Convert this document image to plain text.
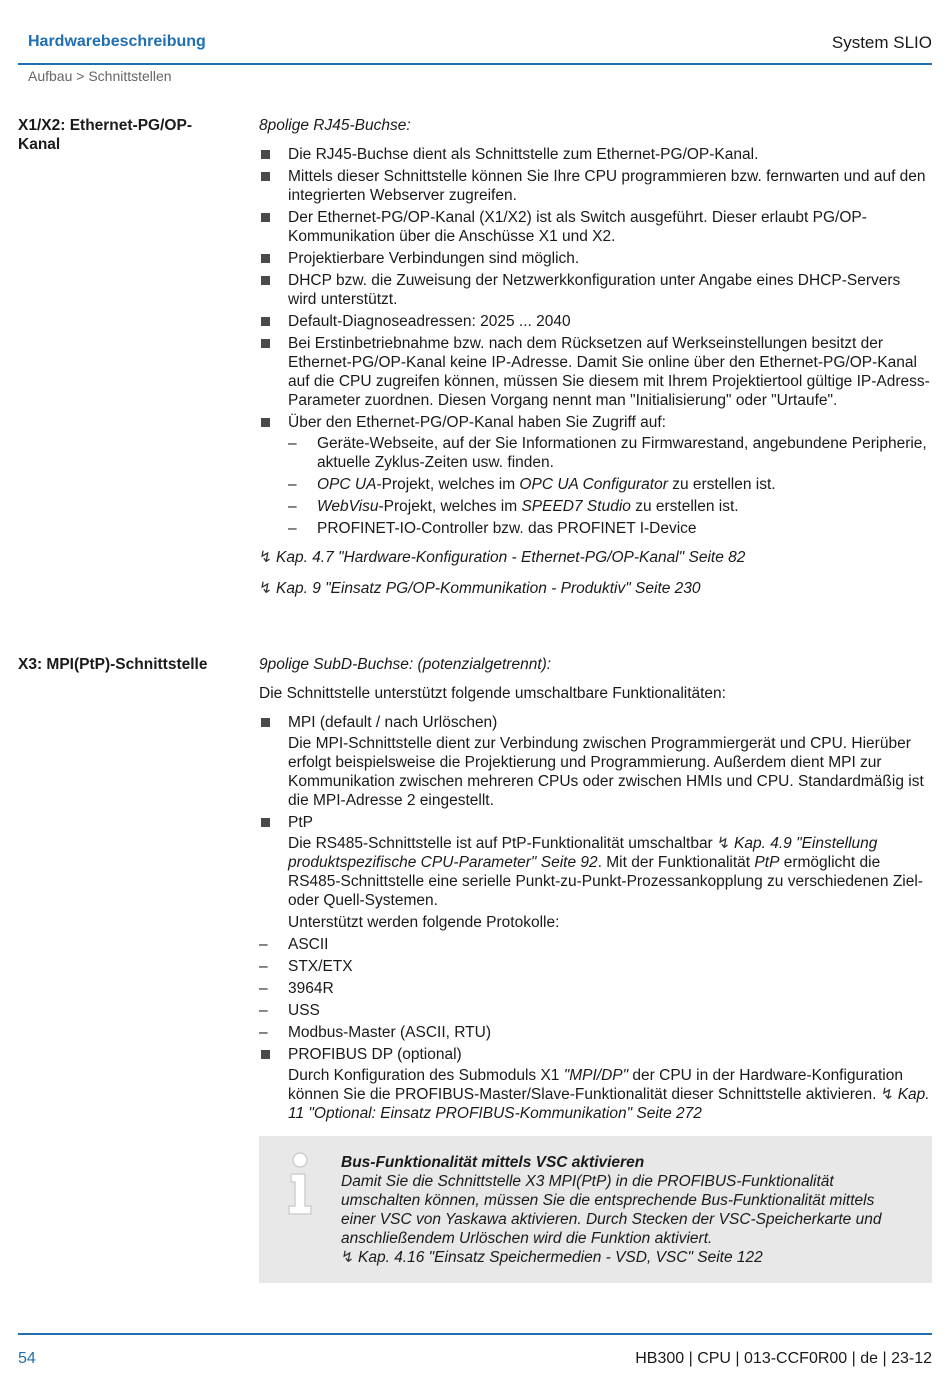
Hardwarebeschreibung	System SLIO
Aufbau > Schnittstellen
X1/X2: Ethernet-PG/OP-Kanal

8polige RJ45-Buchse:

Die RJ45-Buchse dient als Schnittstelle zum Ethernet-PG/OP-Kanal.
Mittels dieser Schnittstelle können Sie Ihre CPU programmieren bzw. fernwarten und auf den integrierten Webserver zugreifen.
Der Ethernet-PG/OP-Kanal (X1/X2) ist als Switch ausgeführt. Dieser erlaubt PG/OP-Kommunikation über die Anschüsse X1 und X2.
Projektierbare Verbindungen sind möglich.
DHCP bzw. die Zuweisung der Netzwerkkonfiguration unter Angabe eines DHCP-Servers wird unterstützt.
Default-Diagnoseadressen: 2025 ... 2040
Bei Erstinbetriebnahme bzw. nach dem Rücksetzen auf Werkseinstellungen besitzt der Ethernet-PG/OP-Kanal keine IP-Adresse. Damit Sie online über den Ethernet-PG/OP-Kanal auf die CPU zugreifen können, müssen Sie diesem mit Ihrem Projektiertool gültige IP-Adress-Parameter zuordnen. Diesen Vorgang nennt man "Initialisierung" oder "Urtaufe".
Über den Ethernet-PG/OP-Kanal haben Sie Zugriff auf:
– Geräte-Webseite, auf der Sie Informationen zu Firmwarestand, angebundene Peripherie, aktuelle Zyklus-Zeiten usw. finden.
– OPC UA-Projekt, welches im OPC UA Configurator zu erstellen ist.
– WebVisu-Projekt, welches im SPEED7 Studio zu erstellen ist.
– PROFINET-IO-Controller bzw. das PROFINET I-Device
↯ Kap. 4.7 "Hardware-Konfiguration - Ethernet-PG/OP-Kanal" Seite 82
↯ Kap. 9 "Einsatz PG/OP-Kommunikation - Produktiv" Seite 230
X3: MPI(PtP)-Schnittstelle	9polige SubD-Buchse: (potenzialgetrennt):

Die Schnittstelle unterstützt folgende umschaltbare Funktionalitäten:

MPI (default / nach Urlöschen)
Die MPI-Schnittstelle dient zur Verbindung zwischen Programmiergerät und CPU. Hierüber erfolgt beispielsweise die Projektierung und Programmierung. Außerdem dient MPI zur Kommunikation zwischen mehreren CPUs oder zwischen HMIs und CPU. Standardmäßig ist die MPI-Adresse 2 eingestellt.
PtP
Die RS485-Schnittstelle ist auf PtP-Funktionalität umschaltbar ↯ Kap. 4.9 "Einstellung produktspezifische CPU-Parameter" Seite 92. Mit der Funktionalität PtP ermöglicht die RS485-Schnittstelle eine serielle Punkt-zu-Punkt-Prozessankopplung zu verschiedenen Ziel- oder Quell-Systemen.
Unterstützt werden folgende Protokolle:
– ASCII
– STX/ETX
– 3964R
– USS
– Modbus-Master (ASCII, RTU)
PROFIBUS DP (optional)
Durch Konfiguration des Submoduls X1 "MPI/DP" der CPU in der Hardware-Konfiguration können Sie die PROFIBUS-Master/Slave-Funktionalität dieser Schnittstelle aktivieren. ↯ Kap. 11 "Optional: Einsatz PROFIBUS-Kommunikation" Seite 272
Bus-Funktionalität mittels VSC aktivieren
Damit Sie die Schnittstelle X3 MPI(PtP) in die PROFIBUS-Funktionalität umschalten können, müssen Sie die entsprechende Bus-Funktionalität mittels einer VSC von Yaskawa aktivieren. Durch Stecken der VSC-Speicherkarte und anschließendem Urlöschen wird die Funktion aktiviert.
↯ Kap. 4.16 "Einsatz Speichermedien - VSD, VSC" Seite 122
54	HB300 | CPU | 013-CCF0R00 | de | 23-12
